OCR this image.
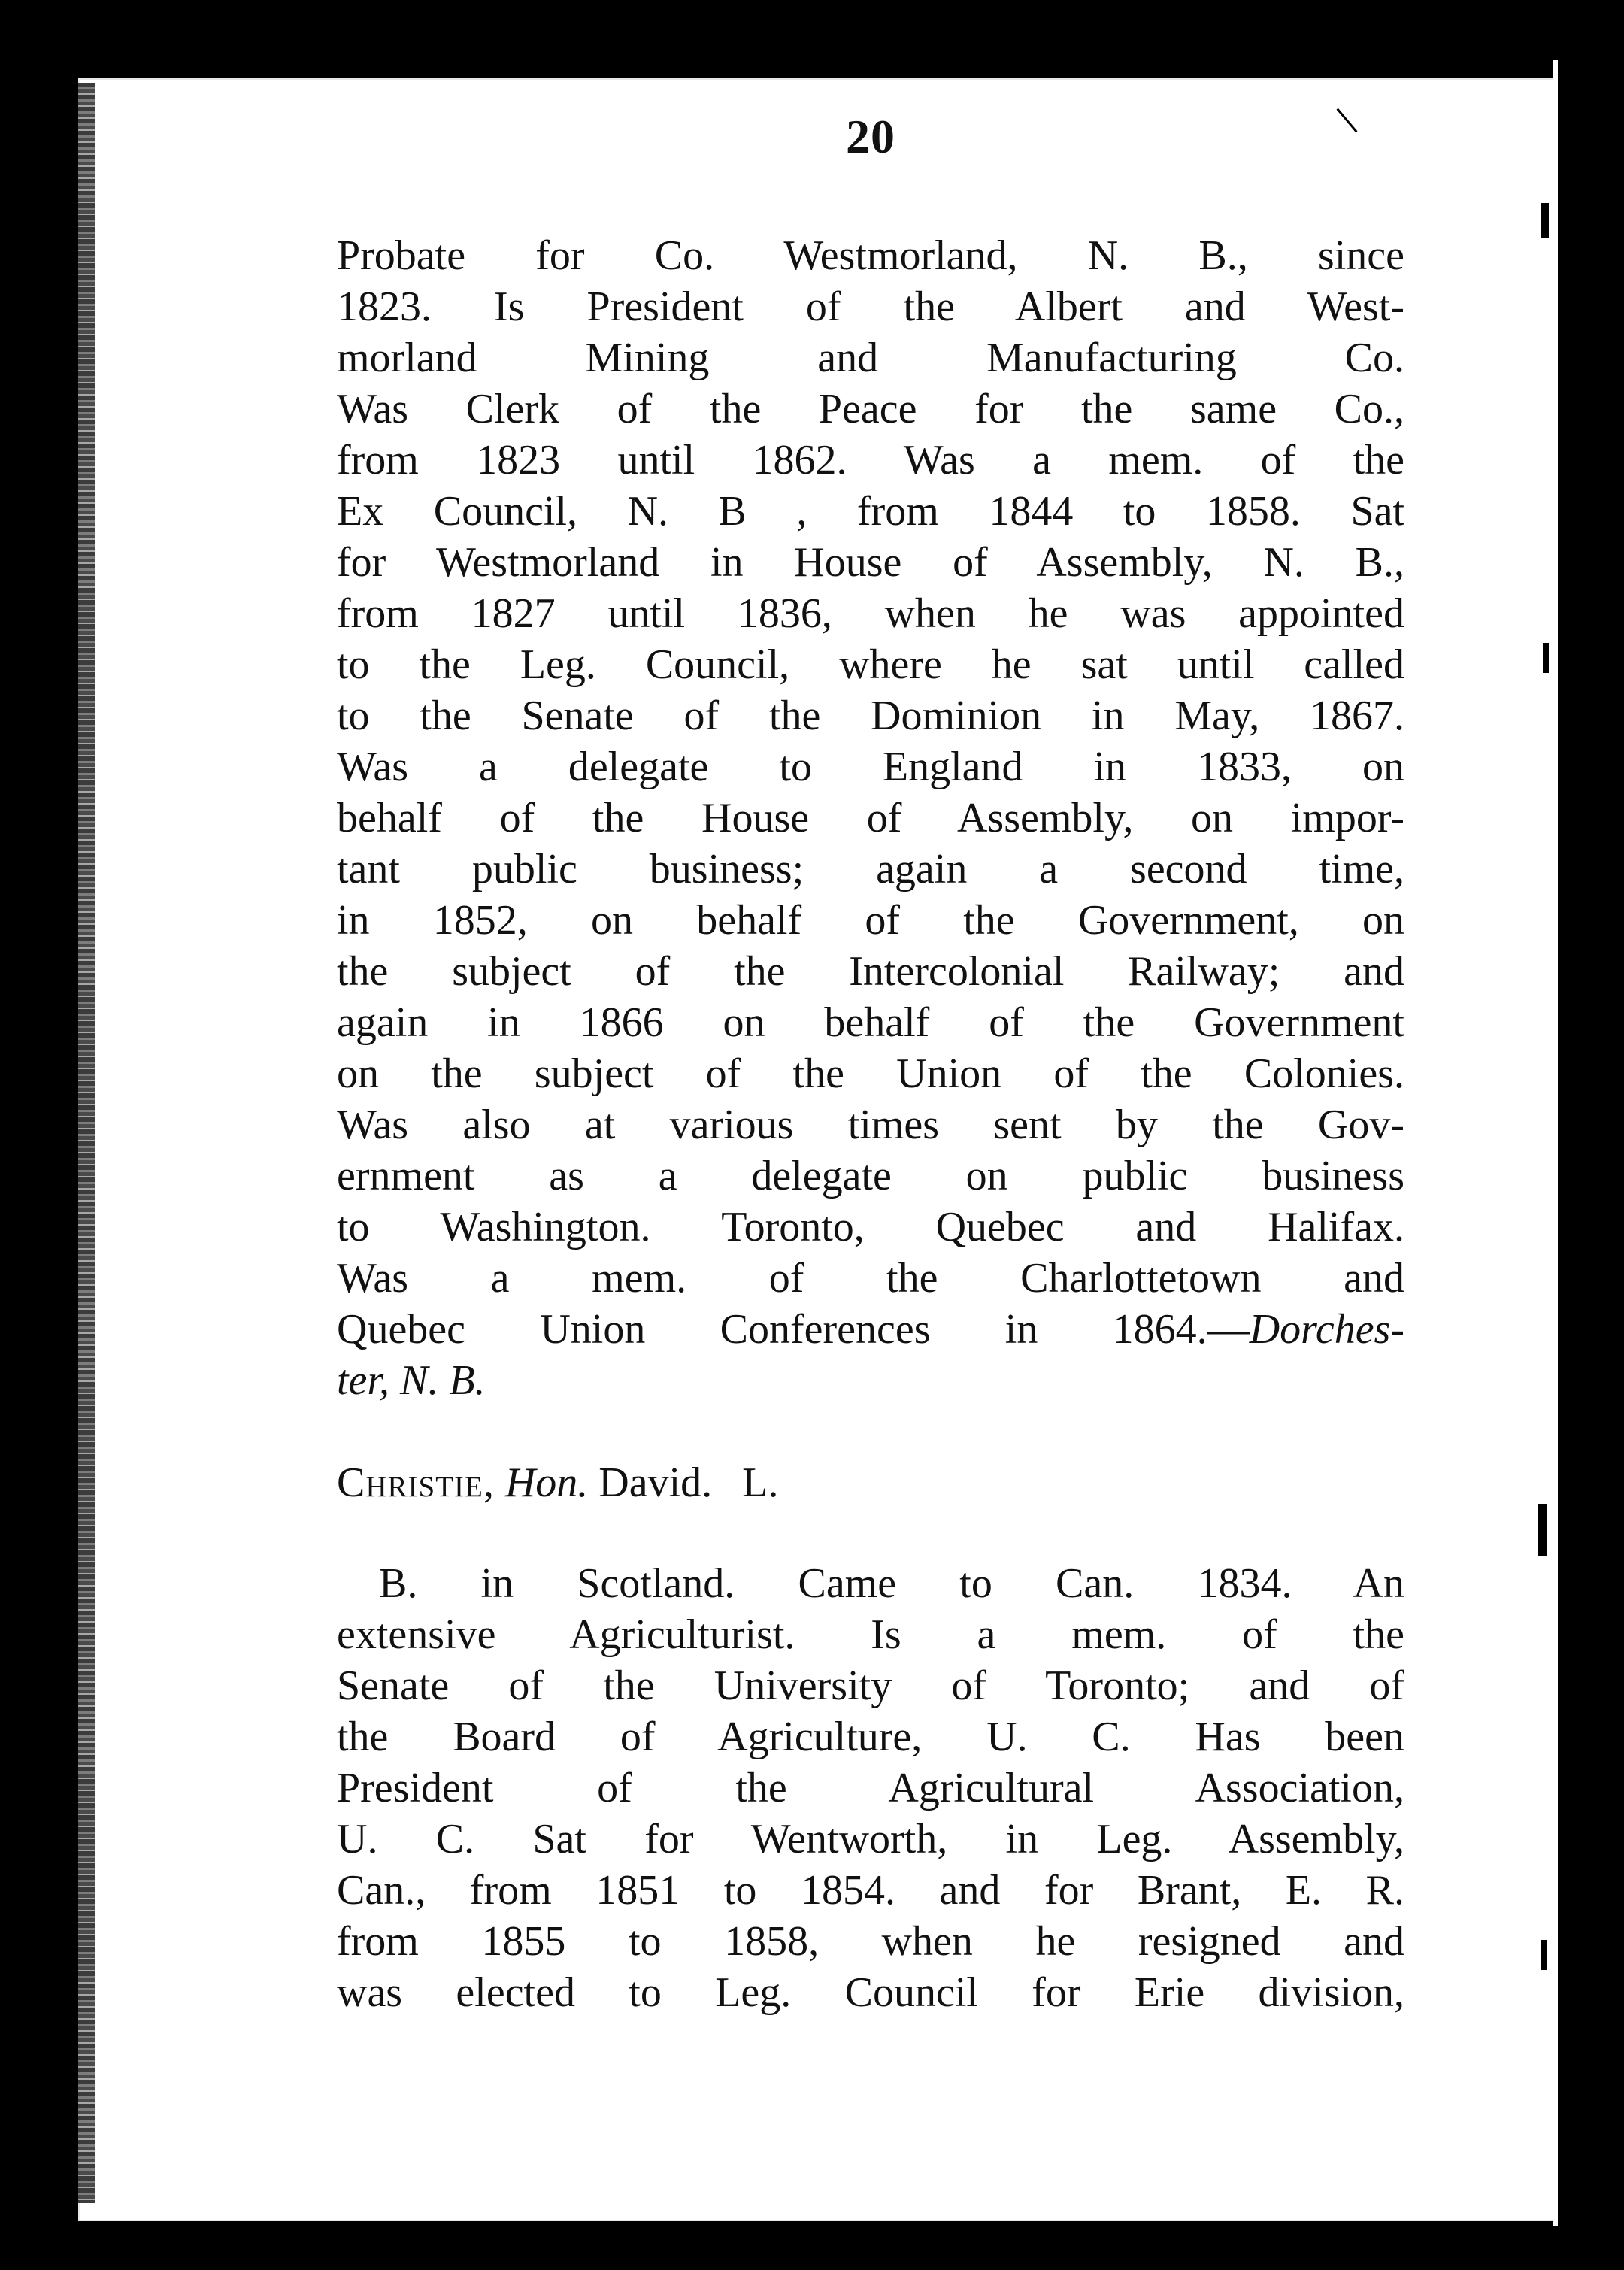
20

Probate for Co. Westmorland, N. B., since
1823. Is President of the Albert and West-
morland Mining and Manufacturing Co.
Was Clerk of the Peace for the same Co.,
from 1823 until 1862. Was a mem. of the
Ex Council, N. B , from 1844 to 1858. Sat
for Westmorland in House of Assembly, N. B.,
from 1827 until 1836, when he was appointed
to the Leg. Council, where he sat until called
to the Senate of the Dominion in May, 1867.
Was a delegate to England in 1833, on
behalf of the House of Assembly, on impor-
tant public business; again a second time,
in 1852, on behalf of the Government, on
the subject of the Intercolonial Railway; and
again in 1866 on behalf of the Government
on the subject of the Union of the Colonies.
Was also at various times sent by the Gov-
ernment as a delegate on public business
to Washington. Toronto, Quebec and Halifax.
Was a mem. of the Charlottetown and
Quebec Union Conferences in 1864.—Dorches-
ter, N. B.

Christie, Hon. David. L.

B. in Scotland. Came to Can. 1834. An
extensive Agriculturist. Is a mem. of the
Senate of the University of Toronto; and of
the Board of Agriculture, U. C. Has been
President of the Agricultural Association,
U. C. Sat for Wentworth, in Leg. Assembly,
Can., from 1851 to 1854. and for Brant, E. R.
from 1855 to 1858, when he resigned and
was elected to Leg. Council for Erie division,
